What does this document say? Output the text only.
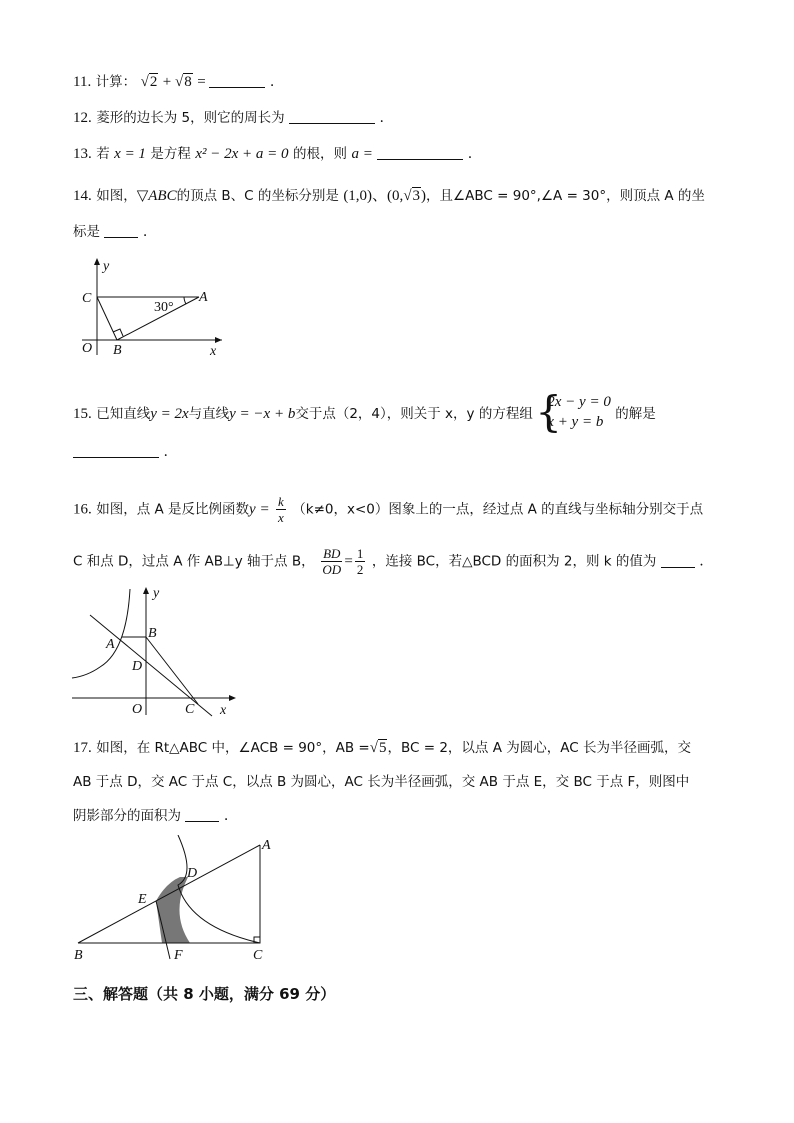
11. 计算： √2 + √8 =	.
12. 菱形的边长为 5，则它的周长为	.
13. 若 x = 1 是方程 x² − 2x + a = 0 的根，则 a =	.
14. 如图，▽ABC的顶点 B、C 的坐标分别是 (1,0)、(0,√3)，且∠ABC = 90°,∠A = 30°，则顶点 A 的坐
标是	.
y
x
C	A
O B
30°
15. 已知直线y = 2x与直线y = −x + b交于点（2，4），则关于 x，y 的方程组 {
2x − y = 0
x + y = b 的解是
.
16. 如图，点 A 是反比例函数$y = \frac{k}{x} (k\ne 0$，x<0）图象上的一点，经过点 A 的直线与坐标轴分别交于点
C 和点 D，过点 A 作 AB⊥y 轴于点 B， $\frac{BD}{OD} = \frac{1}{2}$ ，连接 BC，若△BCD 的面积为 2，则 k 的值为	.
y
x
A
B
D
O	C
17. 如图，在 Rt△ABC 中，∠ACB = 90°，AB =√5，BC = 2，以点 A 为圆心，AC 长为半径画弧，交
AB 于点 D，交 AC 于点 C，以点 B 为圆心，AC 长为半径画弧，交 AB 于点 E，交 BC 于点 F，则图中
阴影部分的面积为	.
A
B	C
D
E
F
三、解答题（共 8 小题，满分 69 分）
